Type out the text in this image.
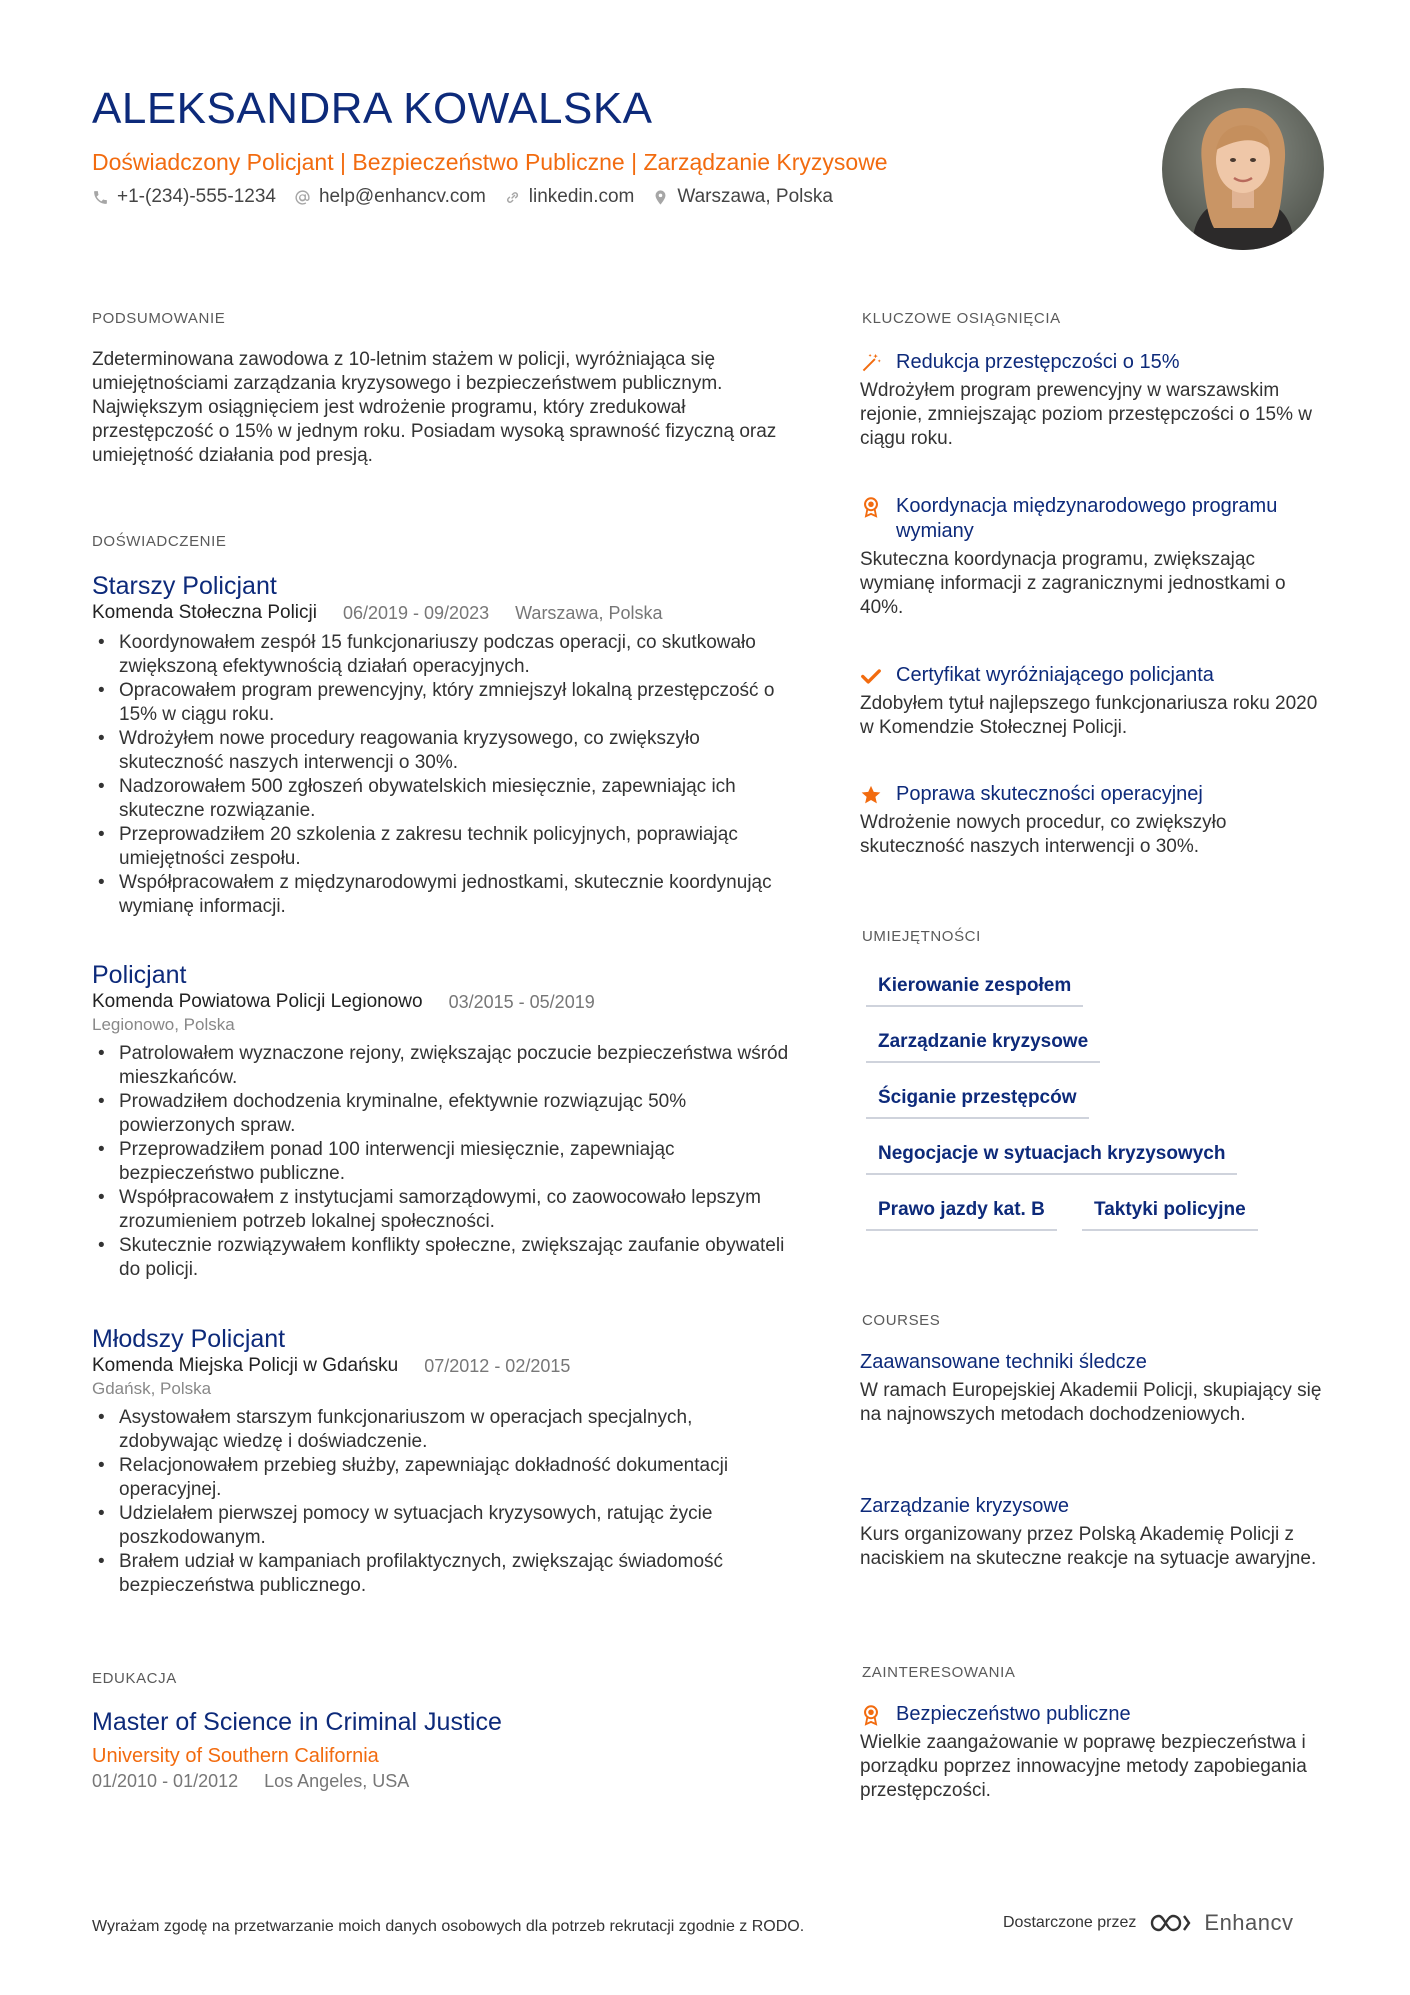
ALEKSANDRA KOWALSKA
Doświadczony Policjant | Bezpieczeństwo Publiczne | Zarządzanie Kryzysowe
+1-(234)-555-1234 help@enhancv.com linkedin.com Warszawa, Polska
PODSUMOWANIE
Zdeterminowana zawodowa z 10-letnim stażem w policji, wyróżniająca się umiejętnościami zarządzania kryzysowego i bezpieczeństwem publicznym. Największym osiągnięciem jest wdrożenie programu, który zredukował przestępczość o 15% w jednym roku. Posiadam wysoką sprawność fizyczną oraz umiejętność działania pod presją.
DOŚWIADCZENIE
Starszy Policjant
Komenda Stołeczna Policji 06/2019 - 09/2023 Warszawa, Polska
• Koordynowałem zespół 15 funkcjonariuszy podczas operacji, co skutkowało zwiększoną efektywnością działań operacyjnych.
• Opracowałem program prewencyjny, który zmniejszył lokalną przestępczość o 15% w ciągu roku.
• Wdrożyłem nowe procedury reagowania kryzysowego, co zwiększyło skuteczność naszych interwencji o 30%.
• Nadzorowałem 500 zgłoszeń obywatelskich miesięcznie, zapewniając ich skuteczne rozwiązanie.
• Przeprowadziłem 20 szkolenia z zakresu technik policyjnych, poprawiając umiejętności zespołu.
• Współpracowałem z międzynarodowymi jednostkami, skutecznie koordynując wymianę informacji.
Policjant
Komenda Powiatowa Policji Legionowo 03/2015 - 05/2019
Legionowo, Polska
• Patrolowałem wyznaczone rejony, zwiększając poczucie bezpieczeństwa wśród mieszkańców.
• Prowadziłem dochodzenia kryminalne, efektywnie rozwiązując 50% powierzonych spraw.
• Przeprowadziłem ponad 100 interwencji miesięcznie, zapewniając bezpieczeństwo publiczne.
• Współpracowałem z instytucjami samorządowymi, co zaowocowało lepszym zrozumieniem potrzeb lokalnej społeczności.
• Skutecznie rozwiązywałem konflikty społeczne, zwiększając zaufanie obywateli do policji.
Młodszy Policjant
Komenda Miejska Policji w Gdańsku 07/2012 - 02/2015
Gdańsk, Polska
• Asystowałem starszym funkcjonariuszom w operacjach specjalnych, zdobywając wiedzę i doświadczenie.
• Relacjonowałem przebieg służby, zapewniając dokładność dokumentacji operacyjnej.
• Udzielałem pierwszej pomocy w sytuacjach kryzysowych, ratując życie poszkodowanym.
• Brałem udział w kampaniach profilaktycznych, zwiększając świadomość bezpieczeństwa publicznego.
EDUKACJA
Master of Science in Criminal Justice
University of Southern California
01/2010 - 01/2012 Los Angeles, USA
KLUCZOWE OSIĄGNIĘCIA
Redukcja przestępczości o 15%
Wdrożyłem program prewencyjny w warszawskim rejonie, zmniejszając poziom przestępczości o 15% w ciągu roku.
Koordynacja międzynarodowego programu wymiany
Skuteczna koordynacja programu, zwiększając wymianę informacji z zagranicznymi jednostkami o 40%.
Certyfikat wyróżniającego policjanta
Zdobyłem tytuł najlepszego funkcjonariusza roku 2020 w Komendzie Stołecznej Policji.
Poprawa skuteczności operacyjnej
Wdrożenie nowych procedur, co zwiększyło skuteczność naszych interwencji o 30%.
UMIEJĘTNOŚCI
Kierowanie zespołem
Zarządzanie kryzysowe
Ściganie przestępców
Negocjacje w sytuacjach kryzysowych
Prawo jazdy kat. B	Taktyki policyjne
COURSES
Zaawansowane techniki śledcze
W ramach Europejskiej Akademii Policji, skupiający się na najnowszych metodach dochodzeniowych.
Zarządzanie kryzysowe
Kurs organizowany przez Polską Akademię Policji z naciskiem na skuteczne reakcje na sytuacje awaryjne.
ZAINTERESOWANIA
Bezpieczeństwo publiczne
Wielkie zaangażowanie w poprawę bezpieczeństwa i porządku poprzez innowacyjne metody zapobiegania przestępczości.
Wyrażam zgodę na przetwarzanie moich danych osobowych dla potrzeb rekrutacji zgodnie z RODO.	Dostarczone przez	Enhancv
